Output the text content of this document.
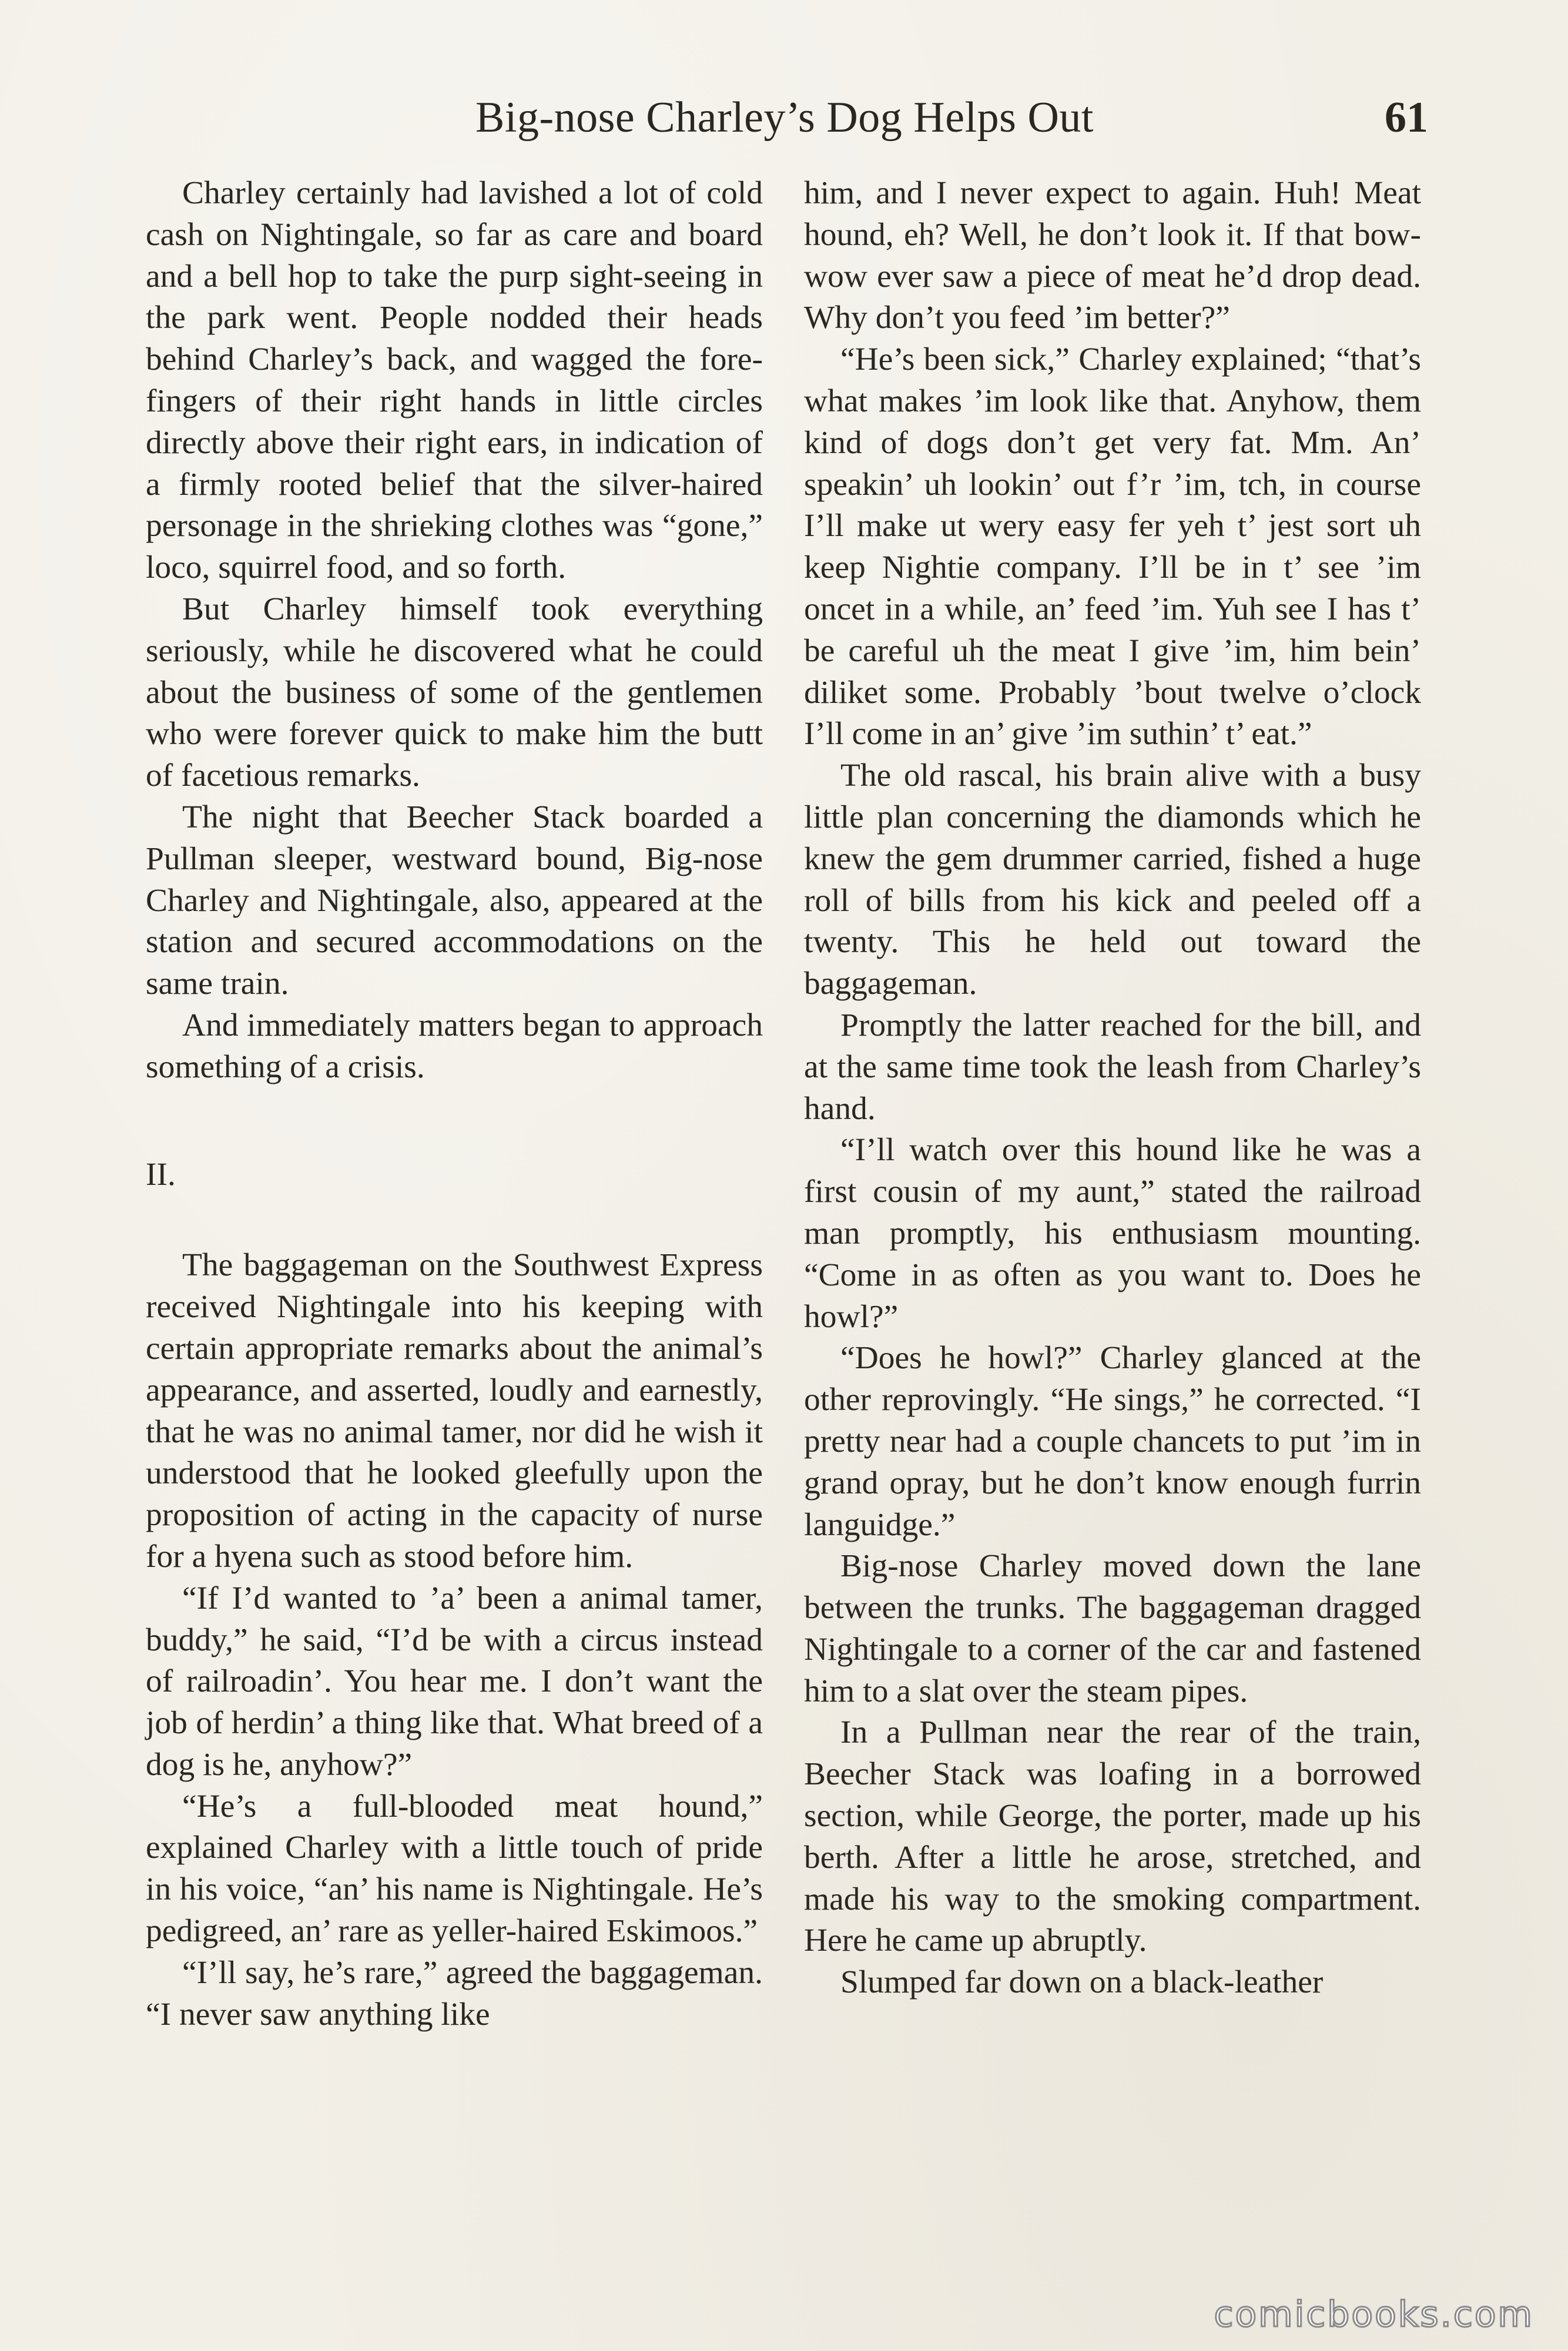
Big-nose Charley’s Dog Helps Out	61

Charley certainly had lavished a lot of cold cash on Nightingale, so far as care and board and a bell hop to take the purp sight-seeing in the park went. People nodded their heads behind Charley’s back, and wagged the forefingers of their right hands in little circles directly above their right ears, in indication of a firmly rooted belief that the silver-haired personage in the shrieking clothes was “gone,” loco, squirrel food, and so forth.

But Charley himself took everything seriously, while he discovered what he could about the business of some of the gentlemen who were forever quick to make him the butt of facetious remarks.

The night that Beecher Stack boarded a Pullman sleeper, westward bound, Big-nose Charley and Nightingale, also, appeared at the station and secured accommodations on the same train.

And immediately matters began to approach something of a crisis.

II.

The baggageman on the Southwest Express received Nightingale into his keeping with certain appropriate remarks about the animal’s appearance, and asserted, loudly and earnestly, that he was no animal tamer, nor did he wish it understood that he looked gleefully upon the proposition of acting in the capacity of nurse for a hyena such as stood before him.

“If I’d wanted to ’a’ been a animal tamer, buddy,” he said, “I’d be with a circus instead of railroadin’. You hear me. I don’t want the job of herdin’ a thing like that. What breed of a dog is he, anyhow?”

“He’s a full-blooded meat hound,” explained Charley with a little touch of pride in his voice, “an’ his name is Nightingale. He’s pedigreed, an’ rare as yeller-haired Eskimoos.”

“I’ll say, he’s rare,” agreed the baggageman. “I never saw anything like

him, and I never expect to again. Huh! Meat hound, eh? Well, he don’t look it. If that bow-wow ever saw a piece of meat he’d drop dead. Why don’t you feed ’im better?”

“He’s been sick,” Charley explained; “that’s what makes ’im look like that. Anyhow, them kind of dogs don’t get very fat. Mm. An’ speakin’ uh lookin’ out f’r ’im, tch, in course I’ll make ut wery easy fer yeh t’ jest sort uh keep Nightie company. I’ll be in t’ see ’im oncet in a while, an’ feed ’im. Yuh see I has t’ be careful uh the meat I give ’im, him bein’ diliket some. Probably ’bout twelve o’clock I’ll come in an’ give ’im suthin’ t’ eat.”

The old rascal, his brain alive with a busy little plan concerning the diamonds which he knew the gem drummer carried, fished a huge roll of bills from his kick and peeled off a twenty. This he held out toward the baggageman.

Promptly the latter reached for the bill, and at the same time took the leash from Charley’s hand.

“I’ll watch over this hound like he was a first cousin of my aunt,” stated the railroad man promptly, his enthusiasm mounting. “Come in as often as you want to. Does he howl?”

“Does he howl?” Charley glanced at the other reprovingly. “He sings,” he corrected. “I pretty near had a couple chancets to put ’im in grand opray, but he don’t know enough furrin languidge.”

Big-nose Charley moved down the lane between the trunks. The baggageman dragged Nightingale to a corner of the car and fastened him to a slat over the steam pipes.

In a Pullman near the rear of the train, Beecher Stack was loafing in a borrowed section, while George, the porter, made up his berth. After a little he arose, stretched, and made his way to the smoking compartment. Here he came up abruptly.

Slumped far down on a black-leather

comicbooks.com
